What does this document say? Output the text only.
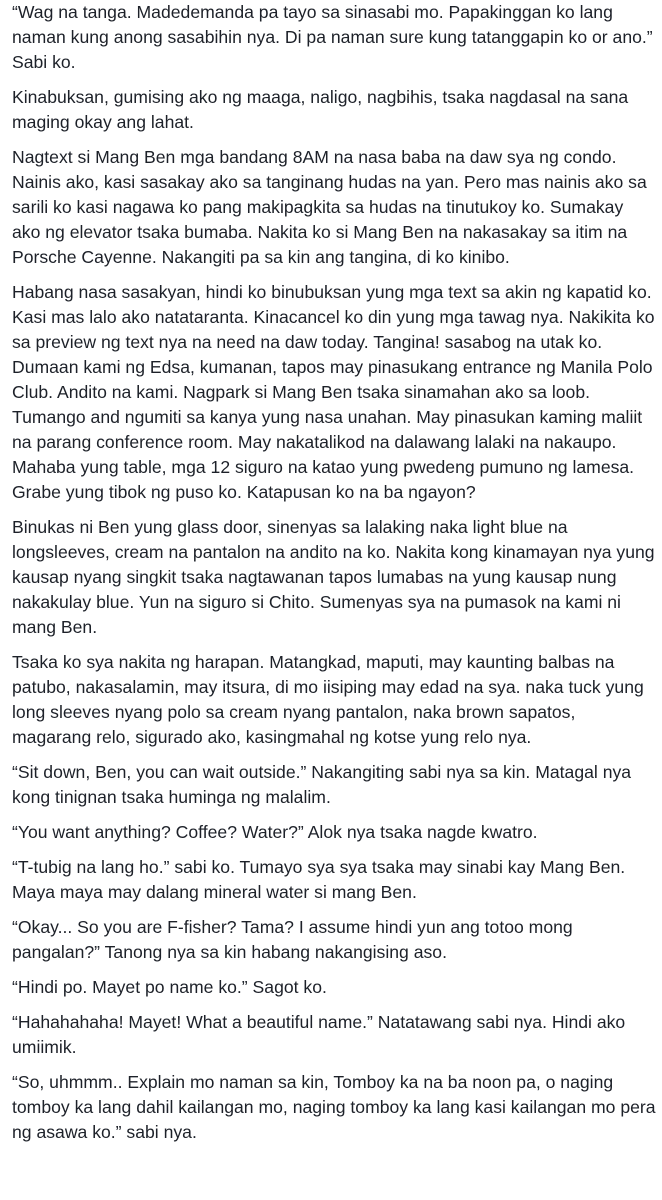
“Wag na tanga. Madedemanda pa tayo sa sinasabi mo. Papakinggan ko lang naman kung anong sasabihin nya. Di pa naman sure kung tatanggapin ko or ano.” Sabi ko.

Kinabuksan, gumising ako ng maaga, naligo, nagbihis, tsaka nagdasal na sana maging okay ang lahat.

Nagtext si Mang Ben mga bandang 8AM na nasa baba na daw sya ng condo. Nainis ako, kasi sasakay ako sa tanginang hudas na yan. Pero mas nainis ako sa sarili ko kasi nagawa ko pang makipagkita sa hudas na tinutukoy ko. Sumakay ako ng elevator tsaka bumaba. Nakita ko si Mang Ben na nakasakay sa itim na Porsche Cayenne. Nakangiti pa sa kin ang tangina, di ko kinibo.

Habang nasa sasakyan, hindi ko binubuksan yung mga text sa akin ng kapatid ko. Kasi mas lalo ako natataranta. Kinacancel ko din yung mga tawag nya. Nakikita ko sa preview ng text nya na need na daw today. Tangina! sasabog na utak ko. Dumaan kami ng Edsa, kumanan, tapos may pinasukang entrance ng Manila Polo Club. Andito na kami. Nagpark si Mang Ben tsaka sinamahan ako sa loob. Tumango and ngumiti sa kanya yung nasa unahan. May pinasukan kaming maliit na parang conference room. May nakatalikod na dalawang lalaki na nakaupo. Mahaba yung table, mga 12 siguro na katao yung pwedeng pumuno ng lamesa. Grabe yung tibok ng puso ko. Katapusan ko na ba ngayon?

Binukas ni Ben yung glass door, sinenyas sa lalaking naka light blue na longsleeves, cream na pantalon na andito na ko. Nakita kong kinamayan nya yung kausap nyang singkit tsaka nagtawanan tapos lumabas na yung kausap nung nakakulay blue. Yun na siguro si Chito. Sumenyas sya na pumasok na kami ni mang Ben.

Tsaka ko sya nakita ng harapan. Matangkad, maputi, may kaunting balbas na patubo, nakasalamin, may itsura, di mo iisiping may edad na sya. naka tuck yung long sleeves nyang polo sa cream nyang pantalon, naka brown sapatos, magarang relo, sigurado ako, kasingmahal ng kotse yung relo nya.

“Sit down, Ben, you can wait outside.” Nakangiting sabi nya sa kin. Matagal nya kong tinignan tsaka huminga ng malalim.

“You want anything? Coffee? Water?” Alok nya tsaka nagde kwatro.

“T-tubig na lang ho.” sabi ko. Tumayo sya sya tsaka may sinabi kay Mang Ben. Maya maya may dalang mineral water si mang Ben.

“Okay... So you are F-fisher? Tama? I assume hindi yun ang totoo mong pangalan?” Tanong nya sa kin habang nakangising aso.

“Hindi po. Mayet po name ko.” Sagot ko.

“Hahahahaha! Mayet! What a beautiful name.” Natatawang sabi nya. Hindi ako umiimik.

“So, uhmmm.. Explain mo naman sa kin, Tomboy ka na ba noon pa, o naging tomboy ka lang dahil kailangan mo, naging tomboy ka lang kasi kailangan mo pera ng asawa ko.” sabi nya.
